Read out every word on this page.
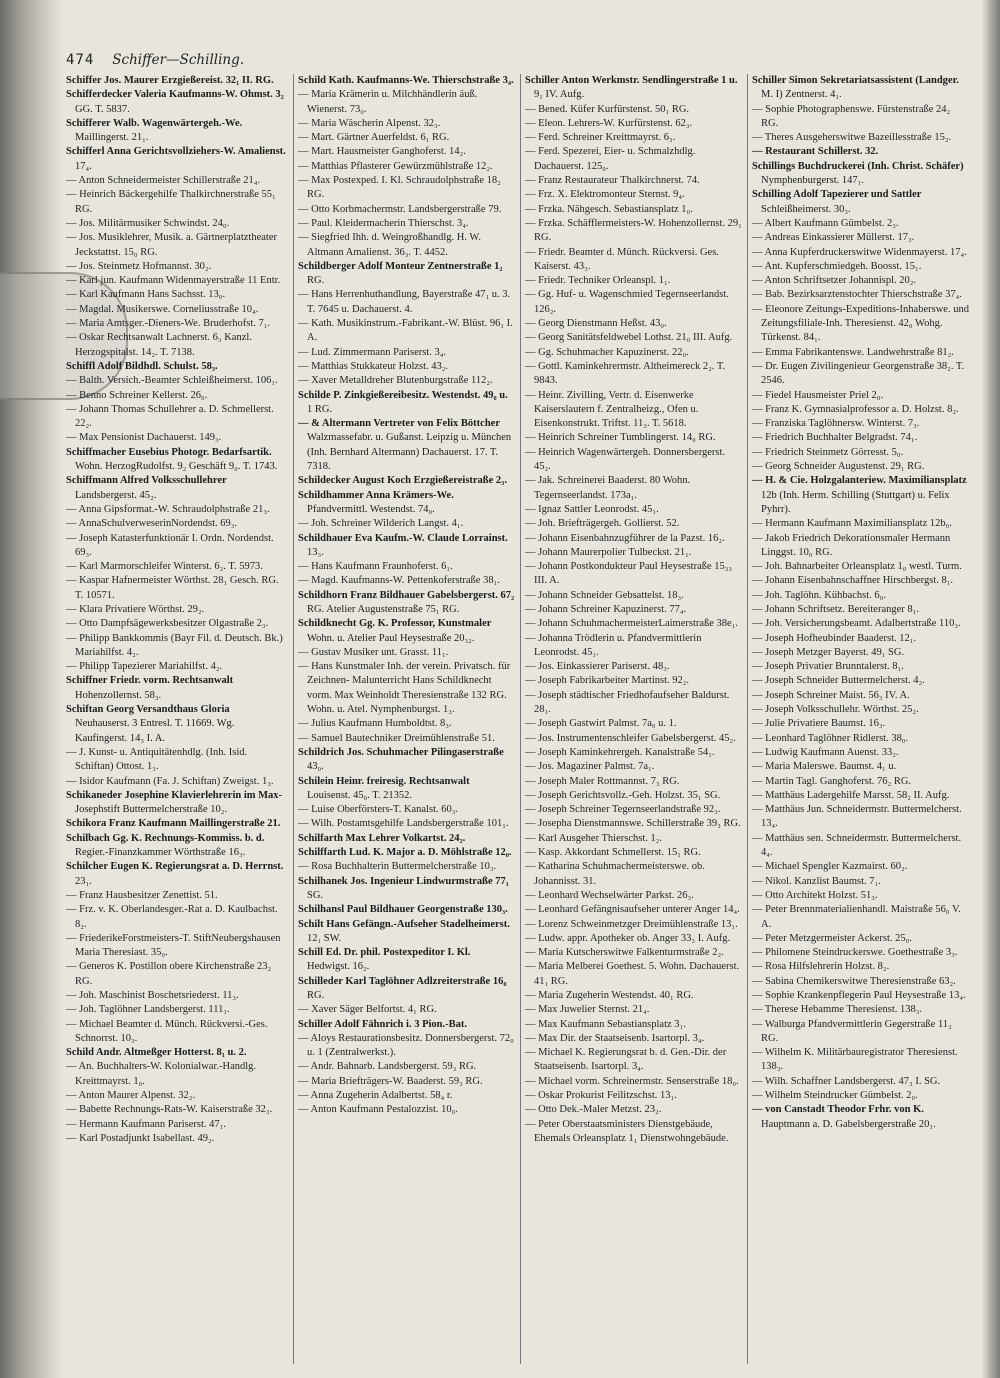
474 Schiffer—Schilling.

Schiffer Jos. Maurer Erzgießereist. 32₁ II. RG.

Schifferdecker Valeria Kaufmanns-W. Ohmst. 3₂ GG. T. 5837.

Schifferer Walb. Wagenwärtergeh.-We. Maillingerst. 21₁.

Schifferl Anna Gerichtsvollziehers-W. Amalienst. 17₄.

— Anton Schneidermeister Schillerstraße 21₄.

— Heinrich Bäckergehilfe Thalkirchnerstraße 55₁ RG.

— Jos. Militärmusiker Schwindst. 24₀.

— Jos. Musiklehrer, Musik. a. Gärtnerplatztheater Jeckstattst. 15₀ RG.

— Jos. Steinmetz Hofmannst. 30₂.

— Karl jun. Kaufmann Widenmayerstraße 11 Entr.

— Karl Kaufmann Hans Sachsst. 13₀.

— Magdal. Musikerswe. Corneliusstraße 10₄.

— Maria Amtsger.-Dieners-We. Bruderhofst. 7₁.

— Oskar Rechtsanwalt Lachnerst. 6₃ Kanzl. Herzogspitalst. 14₂. T. 7138.

Schiffl Adolf Bildhdl. Schulst. 58₃.

— Balth. Versich.-Beamter Schleißheimerst. 106₁.

— Benno Schreiner Kellerst. 26₀.

— Johann Thomas Schullehrer a. D. Schmellerst. 22₂.

— Max Pensionist Dachauerst. 149₃.

Schiffmacher Eusebius Photogr. Bedarfsartik. Wohn. HerzogRudolfst. 9₂ Geschäft 9₀. T. 1743.

Schiffmann Alfred Volksschullehrer Landsbergerst. 45₂.

— Anna Gipsformat.-W. Schraudolphstraße 21₃.

— AnnaSchulverweserinNordendst. 69₃.

— Joseph Katasterfunktionär I. Ordn. Nordendst. 69₃.

— Karl Marmorschleifer Winterst. 6₂. T. 5973.

— Kaspar Hafnermeister Wörthst. 28₁ Gesch. RG. T. 10571.

— Klara Privatiere Wörthst. 29₂.

— Otto Dampfsägewerksbesitzer Olgastraße 2₃.

— Philipp Bankkommis (Bayr Fil. d. Deutsch. Bk.) Mariahilfst. 4₂.

— Philipp Tapezierer Mariahilfst. 4₂.

Schiffner Friedr. vorm. Rechtsanwalt Hohenzollernst. 58₃.

Schiftan Georg Versandthaus Gloria Neuhauserst. 3 Entresl. T. 11669. Wg. Kaufingerst. 14₃ I. A.

— J. Kunst- u. Antiquitätenhdlg. (Inh. Isid. Schiftan) Ottost. 1₃.

— Isidor Kaufmann (Fa. J. Schiftan) Zweigst. 1₃.

Schikaneder Josephine Klavierlehrerin im Max-Josephstift Buttermelcherstraße 10₂.

Schikora Franz Kaufmann Maillingerstraße 21.

Schilbach Gg. K. Rechnungs-Kommiss. b. d. Regier.-Finanzkammer Wörthstraße 16₃.

Schilcher Eugen K. Regierungsrat a. D. Herrnst. 23₁.

— Franz Hausbesitzer Zenettist. 51.

— Frz. v. K. Oberlandesger.-Rat a. D. Kaulbachst. 8₂.

— FriederikeForstmeisters-T. StiftNeubergshausen Maria Theresiast. 35₀.

— Generos K. Postillon obere Kirchenstraße 23₂ RG.

— Joh. Maschinist Boschetsriederst. 11₃.

— Joh. Taglöhner Landsbergerst. 111₁.

— Michael Beamter d. Münch. Rückversi.-Ges. Schnorrst. 10₃.

Schild Andr. Altmeßger Hotterst. 8₁ u. 2.

— An. Buchhalters-W. Kolonialwar.-Handlg. Kreittmayrst. 1₀.

— Anton Maurer Alpenst. 32₂.

— Babette Rechnungs-Rats-W. Kaiserstraße 32₃.

— Hermann Kaufmann Pariserst. 47₁.

— Karl Postadjunkt Isabellast. 49₂.

Schild Kath. Kaufmanns-We. Thierschstraße 3₄.

— Maria Krämerin u. Milchhändlerin äuß. Wienerst. 73₀.

— Maria Wäscherin Alpenst. 32₃.

— Mart. Gärtner Auerfeldst. 6₁ RG.

— Mart. Hausmeister Ganghoferst. 14₂.

— Matthias Pflasterer Gewürzmühlstraße 12₂.

— Max Postexped. I. Kl. Schraudolphstraße 18₂ RG.

— Otto Korbmachermstr. Landsbergerstraße 79.

— Paul. Kleidermacherin Thierschst. 3₄.

— Siegfried Ihh. d. Weingroßhandlg. H. W. Altmann Amalienst. 36₃. T. 4452.

Schildberger Adolf Monteur Zentnerstraße 1₂ RG.

— Hans Herrenhuthandlung, Bayerstraße 47₁ u. 3. T. 7645 u. Dachauerst. 4.

— Kath. Musikinstrum.-Fabrikant.-W. Blüst. 96₁ I. A.

— Lud. Zimmermann Pariserst. 3₄.

— Matthias Stukkateur Holzst. 43₂.

— Xaver Metalldreher Blutenburgstraße 112₂.

Schilde P. Zinkgießereibesitz. Westendst. 49₀ u. 1 RG.

— & Altermann Vertreter von Felix Böttcher Walzmassefabr. u. Gußanst. Leipzig u. München (Inh. Bernhard Altermann) Dachauerst. 17. T. 7318.

Schildecker August Koch Erzgießereistraße 2₃.

Schildhammer Anna Krämers-We. Pfandvermittl. Westendst. 74₀.

— Joh. Schreiner Wilderich Langst. 4₁.

Schildhauer Eva Kaufm.-W. Claude Lorrainst. 13₃.

— Hans Kaufmann Fraunhoferst. 6₁.

— Magd. Kaufmanns-W. Pettenkoferstraße 38₁.

Schildhorn Franz Bildhauer Gabelsbergerst. 67₂ RG. Atelier Augustenstraße 75₁ RG.

Schildknecht Gg. K. Professor, Kunstmaler Wohn. u. Atelier Paul Heysestraße 20₃₂.

— Gustav Musiker unt. Grasst. 11₁.

— Hans Kunstmaler Inh. der verein. Privatsch. für Zeichnen- Malunterricht Hans Schildknecht vorm. Max Weinholdt Theresienstraße 132 RG. Wohn. u. Atel. Nymphenburgst. 1₃.

— Julius Kaufmann Humboldtst. 8₃.

— Samuel Bautechniker Dreimühlenstraße 51.

Schildrich Jos. Schuhmacher Pilingaserstraße 43₀.

Schilein Heinr. freiresig. Rechtsanwalt Louisenst. 45₀. T. 21352.

— Luise Oberförsters-T. Kanalst. 60₃.

— Wilh. Postamtsgehilfe Landsbergerstraße 101₁.

Schilfarth Max Lehrer Volkartst. 24₂.

Schilffarth Lud. K. Major a. D. Möhlstraße 12₀.

— Rosa Buchhalterin Buttermelcherstraße 10₃.

Schilhanek Jos. Ingenieur Lindwurmstraße 77₁ SG.

Schilhansl Paul Bildhauer Georgenstraße 130₃.

Schilt Hans Gefängn.-Aufseher Stadelheimerst. 12₁ SW.

Schill Ed. Dr. phil. Postexpeditor I. Kl. Hedwigst. 16₂.

Schilleder Karl Taglöhner Adlzreiterstraße 16₀ RG.

— Xaver Säger Belfortst. 4₁ RG.

Schiller Adolf Fähnrich i. 3 Pion.-Bat.

— Aloys Restaurationsbesitz. Donnersbergerst. 72₀ u. 1 (Zentralwerkst.).

— Andr. Bahnarb. Landsbergerst. 59₃ RG.

— Maria Briefträgers-W. Baaderst. 59₃ RG.

— Anna Zugeherin Adalbertst. 58₄ r.

— Anton Kaufmann Pestalozzist. 10₀.

Schiller Anton Werkmstr. Sendlingerstraße 1 u. 9₁ IV. Aufg.

— Bened. Küfer Kurfürstenst. 50₁ RG.

— Eleon. Lehrers-W. Kurfürstenst. 62₃.

— Ferd. Schreiner Kreittmayrst. 6₃.

— Ferd. Spezerei, Eier- u. Schmalzhdlg. Dachauerst. 125₀.

— Franz Restaurateur Thalkirchnerst. 74.

— Frz. X. Elektromonteur Sternst. 9₄.

— Frzka. Nähgesch. Sebastiansplatz 1₀.

— Frzka. Schäfflermeisters-W. Hohenzollernst. 29₁ RG.

— Friedr. Beamter d. Münch. Rückversi. Ges. Kaiserst. 43₃.

— Friedr. Techniker Orleanspl. 1₁.

— Gg. Huf- u. Wagenschmied Tegernseerlandst. 126₂.

— Georg Dienstmann Heßst. 43₀.

— Georg Sanitätsfeldwebel Lothst. 21₀ III. Aufg.

— Gg. Schuhmacher Kapuzinerst. 22₀.

— Gottl. Kaminkehrermstr. Altheimereck 2₂. T. 9843.

— Heinr. Zivilling, Vertr. d. Eisenwerke Kaiserslautern f. Zentralheizg., Ofen u. Eisenkonstrukt. Triftst. 11₃. T. 5618.

— Heinrich Schreiner Tumblingerst. 14₀ RG.

— Heinrich Wagenwärtergeh. Donnersbergerst. 45₂.

— Jak. Schreinerei Baaderst. 80 Wohn. Tegernseerlandst. 173a₁.

— Ignaz Sattler Leonrodst. 45₁.

— Joh. Briefträgergeh. Gollierst. 52.

— Johann Eisenbahnzugführer de la Pazst. 16₂.

— Johann Maurerpolier Tulbeckst. 21₁.

— Johann Postkondukteur Paul Heysestraße 15₃₃ III. A.

— Johann Schneider Gebsattelst. 18₃.

— Johann Schreiner Kapuzinerst. 77₄.

— Johann SchuhmachermeisterLaimerstraße 38e₁.

— Johanna Trödlerin u. Pfandvermittlerin Leonrodst. 45₁.

— Jos. Einkassierer Pariserst. 48₃.

— Joseph Fabrikarbeiter Martinst. 92₂.

— Joseph städtischer Friedhofaufseher Baldurst. 28₁.

— Joseph Gastwirt Palmst. 7a₀ u. 1.

— Jos. Instrumentenschleifer Gabelsbergerst. 45₂.

— Joseph Kaminkehrergeh. Kanalstraße 54₁.

— Jos. Magaziner Palmst. 7a₁.

— Joseph Maler Rottmannst. 7₃ RG.

— Joseph Gerichtsvollz.-Geh. Holzst. 35₁ SG.

— Joseph Schreiner Tegernseerlandstraße 92₃.

— Josepha Dienstmannswe. Schillerstraße 39₃ RG.

— Karl Ausgeher Thierschst. 1₂.

— Kasp. Akkordant Schmellerst. 15₁ RG.

— Katharina Schuhmachermeisterswe. ob. Johannisst. 31.

— Leonhard Wechselwärter Parkst. 26₃.

— Leonhard Gefängnisaufseher unterer Anger 14₄.

— Lorenz Schweinmetzger Dreimühlenstraße 13₁.

— Ludw. appr. Apotheker ob. Anger 33₃ I. Aufg.

— Maria Kutscherswitwe Falkenturmstraße 2₂.

— Maria Melberei Goethest. 5. Wohn. Dachauerst. 41₁ RG.

— Maria Zugeherin Westendst. 40₁ RG.

— Max Juwelier Sternst. 21₄.

— Max Kaufmann Sebastiansplatz 3₁.

— Max Dir. der Staatseisenb. Isartorpl. 3₄.

— Michael K. Regierungsrat b. d. Gen.-Dir. der Staatseisenb. Isartorpl. 3₄.

— Michael vorm. Schreinermstr. Senserstraße 18₀.

— Oskar Prokurist Feilitzschst. 13₁.

— Otto Dek.-Maler Metzst. 23₂.

— Peter Oberstaatsministers Dienstgebäude, Ehemals Orleansplatz 1₁ Dienstwohngebäude.

Schiller Simon Sekretariatsassistent (Landger. M. I) Zentnerst. 4₁.

— Sophie Photographenswe. Fürstenstraße 24₂ RG.

— Theres Ausgeherswitwe Bazeillesstraße 15₂.

— Restaurant Schillerst. 32.

Schillings Buchdruckerei (Inh. Christ. Schäfer) Nymphenburgerst. 147₁.

Schilling Adolf Tapezierer und Sattler Schleißheimerst. 30₃.

— Albert Kaufmann Gümbelst. 2₃.

— Andreas Einkassierer Müllerst. 17₃.

— Anna Kupferdruckerswitwe Widenmayerst. 17₄.

— Ant. Kupferschmiedgeh. Boosst. 15₁.

— Anton Schriftsetzer Johannispl. 20₂.

— Bab. Bezirksarztenstochter Thierschstraße 37₄.

— Eleonore Zeitungs-Expeditions-Inhaberswe. und Zeitungsfiliale-Inh. Theresienst. 42₀ Wohg. Türkenst. 84₁.

— Emma Fabrikantenswe. Landwehrstraße 81₂.

— Dr. Eugen Zivilingenieur Georgenstraße 38₂. T. 2546.

— Fiedel Hausmeister Priel 2₀.

— Franz K. Gymnasialprofessor a. D. Holzst. 8₂.

— Franziska Taglöhnersw. Winterst. 7₃.

— Friedrich Buchhalter Belgradst. 74₁.

— Friedrich Steinmetz Görresst. 5₀.

— Georg Schneider Augustenst. 29₁ RG.

— H. & Cie. Holzgalanteriew. Maximiliansplatz 12b (Inh. Herm. Schilling (Stuttgart) u. Felix Pyhrr).

— Hermann Kaufmann Maximiliansplatz 12b₀.

— Jakob Friedrich Dekorationsmaler Hermann Linggst. 10₀ RG.

— Joh. Bahnarbeiter Orleansplatz 1₀ westl. Turm.

— Johann Eisenbahnschaffner Hirschbergst. 8₁.

— Joh. Taglöhn. Kühbachst. 6₀.

— Johann Schriftsetz. Bereiteranger 8₁.

— Joh. Versicherungsbeamt. Adalbertstraße 110₃.

— Joseph Hofheubinder Baaderst. 12₁.

— Joseph Metzger Bayerst. 49₁ SG.

— Joseph Privatier Brunntalerst. 8₁.

— Joseph Schneider Buttermelcherst. 4₂.

— Joseph Schreiner Maist. 56₃ IV. A.

— Joseph Volksschullehr. Wörthst. 25₂.

— Julie Privatiere Baumst. 16₃.

— Leonhard Taglöhner Ridlerst. 38₀.

— Ludwig Kaufmann Auenst. 33₂.

— Maria Malerswe. Baumst. 4₁ u.

— Martin Tagl. Ganghoferst. 76₂ RG.

— Matthäus Ladergehilfe Marsst. 58₂ II. Aufg.

— Matthäus Jun. Schneidermstr. Buttermelcherst. 13₄.

— Matthäus sen. Schneidermstr. Buttermelcherst. 4₄.

— Michael Spengler Kazmairst. 60₂.

— Nikol. Kanzlist Baumst. 7₁.

— Otto Architekt Holzst. 51₃.

— Peter Brennmaterialienhandl. Maistraße 56₀ V. A.

— Peter Metzgermeister Ackerst. 25₀.

— Philomene Steindruckerswe. Goethestraße 3₃.

— Rosa Hilfslehrerin Holzst. 8₂.

— Sabina Chemikerswitwe Theresienstraße 63₂.

— Sophie Krankenpflegerin Paul Heysestraße 13₄.

— Therese Hebamme Theresienst. 138₃.

— Walburga Pfandvermittlerin Gegerstraße 11₂ RG.

— Wilhelm K. Militärbauregistrator Theresienst. 138₃.

— Wilh. Schaffner Landsbergerst. 47₃ I. SG.

— Wilhelm Steindrucker Gümbelst. 2₀.

— von Canstadt Theodor Frhr. von K. Hauptmann a. D. Gabelsbergerstraße 20₁.
